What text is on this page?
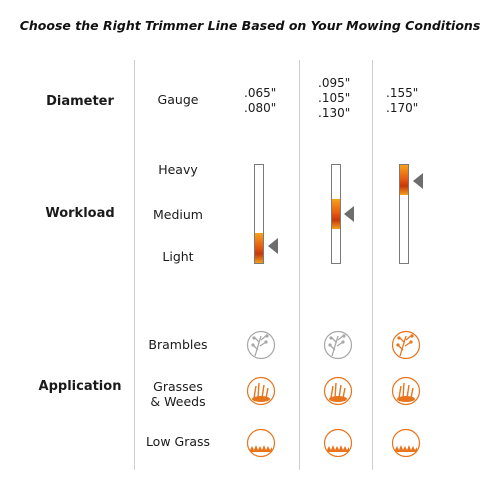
Choose the Right Trimmer Line Based on Your Mowing Conditions
Diameter
Workload
Application
Gauge
Heavy
Medium
Light
Brambles
Grasses
& Weeds
Low Grass
.065"
.080"
.095"
.105"
.130"
.155"
.170"
